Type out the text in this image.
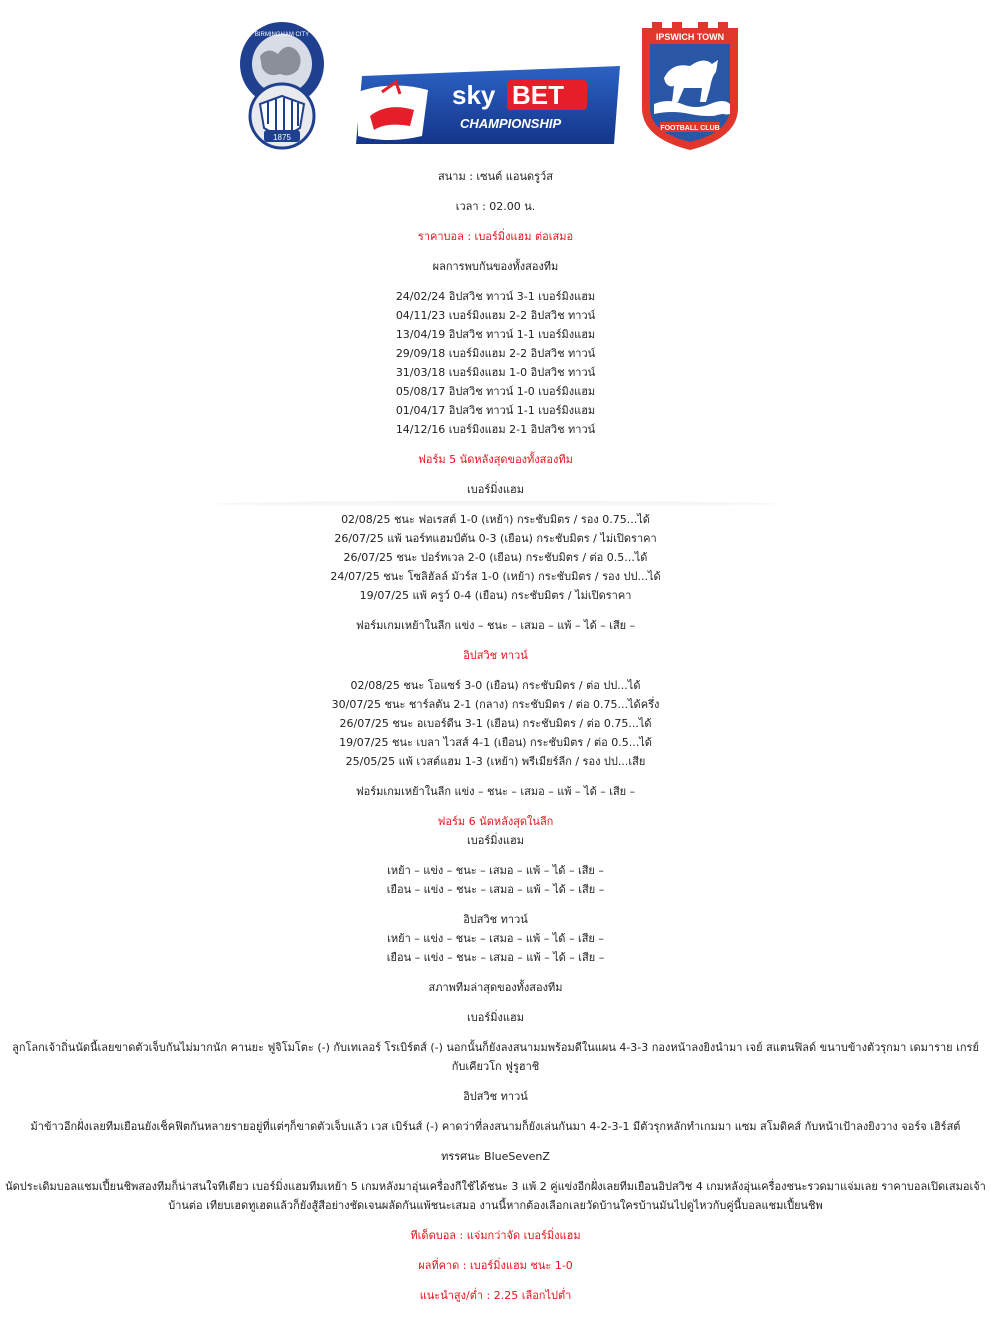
1875
BIRMINGHAM CITY
sky BET
CHAMPIONSHIP
IPSWICH TOWN
FOOTBALL CLUB

สนาม : เซนต์ แอนดรูว์ส

เวลา : 02.00 น.

ราคาบอล : เบอร์มิ่งแฮม ต่อเสมอ

ผลการพบกันของทั้งสองทีม

24/02/24 อิปสวิช ทาวน์ 3-1 เบอร์มิงแฮม

04/11/23 เบอร์มิงแฮม 2-2 อิปสวิช ทาวน์

13/04/19 อิปสวิช ทาวน์ 1-1 เบอร์มิงแฮม

29/09/18 เบอร์มิงแฮม 2-2 อิปสวิช ทาวน์

31/03/18 เบอร์มิงแฮม 1-0 อิปสวิช ทาวน์

05/08/17 อิปสวิช ทาวน์ 1-0 เบอร์มิงแฮม

01/04/17 อิปสวิช ทาวน์ 1-1 เบอร์มิงแฮม

14/12/16 เบอร์มิงแฮม 2-1 อิปสวิช ทาวน์

ฟอร์ม 5 นัดหลังสุดของทั้งสองทีม

เบอร์มิ่งแฮม

02/08/25 ชนะ ฟอเรสต์ 1-0 (เหย้า) กระชับมิตร / รอง 0.75...ได้

26/07/25 แพ้ นอร์ทแฮมป์ตัน 0-3 (เยือน) กระชับมิตร / ไม่เปิดราคา

26/07/25 ชนะ ปอร์ทเวล 2-0 (เยือน) กระชับมิตร / ต่อ 0.5...ได้

24/07/25 ชนะ โซลิฮัลล์ มัวร์ส 1-0 (เหย้า) กระชับมิตร / รอง ปป...ได้

19/07/25 แพ้ ครูว์ 0-4 (เยือน) กระชับมิตร / ไม่เปิดราคา

ฟอร์มเกมเหย้าในลีก แข่ง – ชนะ – เสมอ – แพ้ – ได้ – เสีย –

อิปสวิช ทาวน์

02/08/25 ชนะ โอแซร์ 3-0 (เยือน) กระชับมิตร / ต่อ ปป...ได้

30/07/25 ชนะ ชาร์ลตัน 2-1 (กลาง) กระชับมิตร / ต่อ 0.75...ได้ครึ่ง

26/07/25 ชนะ อเบอร์ดีน 3-1 (เยือน) กระชับมิตร / ต่อ 0.75...ได้

19/07/25 ชนะ เบลา ไวสส์ 4-1 (เยือน) กระชับมิตร / ต่อ 0.5...ได้

25/05/25 แพ้ เวสต์แฮม 1-3 (เหย้า) พรีเมียร์ลีก / รอง ปป...เสีย

ฟอร์มเกมเหย้าในลีก แข่ง – ชนะ – เสมอ – แพ้ – ได้ – เสีย –

ฟอร์ม 6 นัดหลังสุดในลีก

เบอร์มิ่งแฮม

เหย้า – แข่ง – ชนะ – เสมอ – แพ้ – ได้ – เสีย –

เยือน – แข่ง – ชนะ – เสมอ – แพ้ – ได้ – เสีย –

อิปสวิช ทาวน์

เหย้า – แข่ง – ชนะ – เสมอ – แพ้ – ได้ – เสีย –

เยือน – แข่ง – ชนะ – เสมอ – แพ้ – ได้ – เสีย –

สภาพทีมล่าสุดของทั้งสองทีม

เบอร์มิ่งแฮม

ลูกโลกเจ้าถิ่นนัดนี้เลยขาดตัวเจ็บกันไม่มากนัก คานยะ ฟูจิโมโตะ (-) กับเทเลอร์ โรเบิร์ตส์ (-) นอกนั้นก็ยังลงสนามมพร้อมดีในแผน 4-3-3 กองหน้าลงยิงนำมา เจย์ สแตนฟิลด์ ขนาบข้างตัวรุกมา เดมาราย เกรย์ กับเคียวโก ฟูรูฮาชิ

อิปสวิช ทาวน์

ม้าข้าวอีกฝั่งเลยทีมเยือนยังเช็คฟิตกันหลายรายอยู่ที่แต่ๆก็ขาดตัวเจ็บแล้ว เวส เบิร์นส์ (-) คาดว่าที่ลงสนามก็ยังเล่นกันมา 4-2-3-1 มีตัวรุกหลักทำเกมมา แซม สโมดิคส์ กับหน้าเป้าลงยิงวาง จอร์จ เฮิร์สต์

ทรรศนะ BlueSevenZ

นัดประเดิมบอลแชมเปี้ยนชิพสองทีมก็น่าสนใจทีเดียว เบอร์มิ่งแฮมทีมเหย้า 5 เกมหลังมาอุ่นเครื่องกีใช้ได้ชนะ 3 แพ้ 2 คู่แข่งอีกฝั่งเลยทีมเยือนอิปสวิช 4 เกมหลังอุ่นเครื่องชนะรวดมาแจ่มเลย ราคาบอลเปิดเสมอเจ้าบ้านต่อ เทียบเฮดทูเฮดแล้วก็ยังสู้สีอย่างชัดเจนผลัดกันแพ้ชนะเสมอ งานนี้หากต้องเลือกเลยวัดบ้านใครบ้านมันไปดูไหวกับคู่นี้บอลแชมเปี้ยนชิพ

ทีเด็ดบอล : แจ่มกว่าจัด เบอร์มิ่งแฮม

ผลที่คาด : เบอร์มิ่งแฮม ชนะ 1-0

แนะนำสูง/ต่ำ : 2.25 เลือกไปต่ำ
